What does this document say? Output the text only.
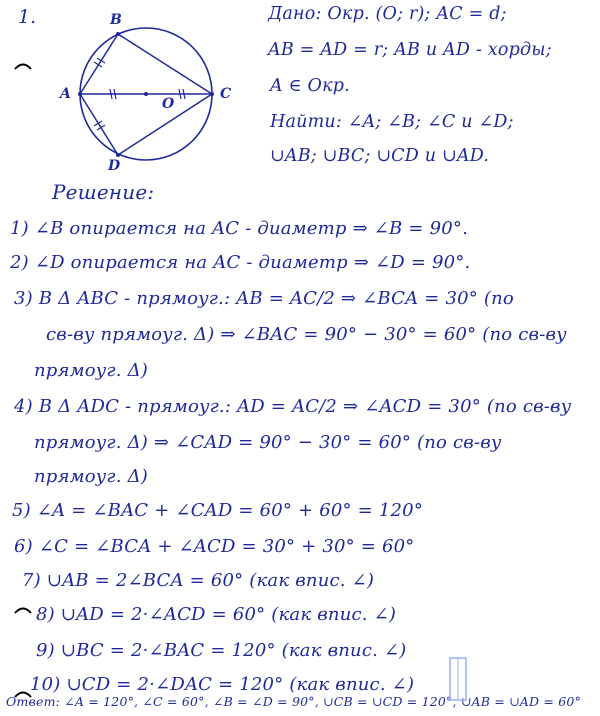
1.	B
A
O
C
D
Дано: Окр. (O; r); AC = d;
AB = AD = r; AB и AD - хорды;
A ∈ Окр.
Найти: ∠A; ∠B; ∠C и ∠D;
∪AB; ∪BC; ∪CD и ∪AD.
Решение:
1) ∠B опирается на AC - диаметр ⇒ ∠B = 90°.
2) ∠D опирается на AC - диаметр ⇒ ∠D = 90°.
3) В Δ ABC - прямоуг.: AB = AC/2 ⇒ ∠BCA = 30° (по
св-ву прямоуг. Δ) ⇒ ∠BAC = 90° − 30° = 60° (по св-ву
прямоуг. Δ)
4) В Δ ADC - прямоуг.: AD = AC/2 ⇒ ∠ACD = 30° (по св-ву
прямоуг. Δ) ⇒ ∠CAD = 90° − 30° = 60° (по св-ву
прямоуг. Δ)
5) ∠A = ∠BAC + ∠CAD = 60° + 60° = 120°
6) ∠C = ∠BCA + ∠ACD = 30° + 30° = 60°
7) ∪AB = 2∠BCA = 60° (как впис. ∠)
8) ∪AD = 2·∠ACD = 60° (как впис. ∠)
9) ∪BC = 2·∠BAC = 120° (как впис. ∠)
10) ∪CD = 2·∠DAC = 120° (как впис. ∠)
Ответ: ∠A = 120°, ∠C = 60°, ∠B = ∠D = 90°, ∪CB = ∪CD = 120°, ∪AB = ∪AD = 60°
